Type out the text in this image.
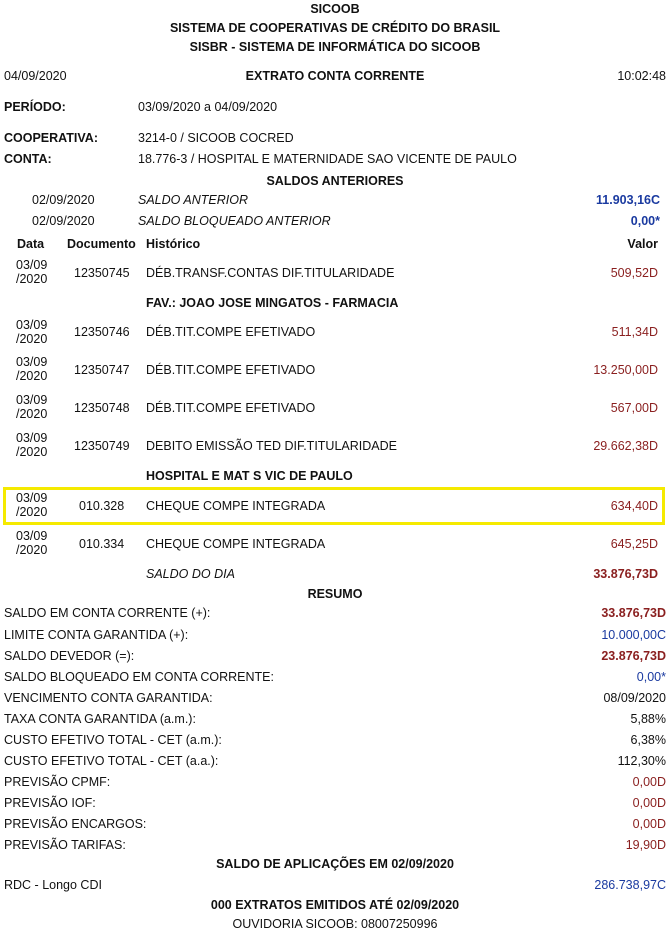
SICOOB
SISTEMA DE COOPERATIVAS DE CRÉDITO DO BRASIL
SISBR - SISTEMA DE INFORMÁTICA DO SICOOB
04/09/2020	EXTRATO CONTA CORRENTE	10:02:48
PERÍODO:	03/09/2020 a 04/09/2020
COOPERATIVA:	3214-0 / SICOOB COCRED
CONTA:	18.776-3 / HOSPITAL E MATERNIDADE SAO VICENTE DE PAULO
SALDOS ANTERIORES
02/09/2020	SALDO ANTERIOR	11.903,16C
02/09/2020	SALDO BLOQUEADO ANTERIOR	0,00*
Data Documento Histórico	Valor
03/09
/2020 12350745 DÉB.TRANSF.CONTAS DIF.TITULARIDADE	509,52D
FAV.: JOAO JOSE MINGATOS - FARMACIA
03/09
/2020 12350746 DÉB.TIT.COMPE EFETIVADO	511,34D
03/09
/2020 12350747 DÉB.TIT.COMPE EFETIVADO	13.250,00D
03/09
/2020 12350748 DÉB.TIT.COMPE EFETIVADO	567,00D
03/09
/2020 12350749 DEBITO EMISSÃO TED DIF.TITULARIDADE	29.662,38D
HOSPITAL E MAT S VIC DE PAULO
03/09
/2020	010.328 CHEQUE COMPE INTEGRADA	634,40D
03/09
/2020	010.334 CHEQUE COMPE INTEGRADA	645,25D
SALDO DO DIA	33.876,73D
RESUMO
SALDO EM CONTA CORRENTE (+):	33.876,73D
LIMITE CONTA GARANTIDA (+):	10.000,00C
SALDO DEVEDOR (=):	23.876,73D
SALDO BLOQUEADO EM CONTA CORRENTE:	0,00*
VENCIMENTO CONTA GARANTIDA:	08/09/2020
TAXA CONTA GARANTIDA (a.m.):	5,88%
CUSTO EFETIVO TOTAL - CET (a.m.):	6,38%
CUSTO EFETIVO TOTAL - CET (a.a.):	112,30%
PREVISÃO CPMF:	0,00D
PREVISÃO IOF:	0,00D
PREVISÃO ENCARGOS:	0,00D
PREVISÃO TARIFAS:	19,90D
SALDO DE APLICAÇÕES EM 02/09/2020
RDC - Longo CDI	286.738,97C
000 EXTRATOS EMITIDOS ATÉ 02/09/2020
OUVIDORIA SICOOB: 08007250996
